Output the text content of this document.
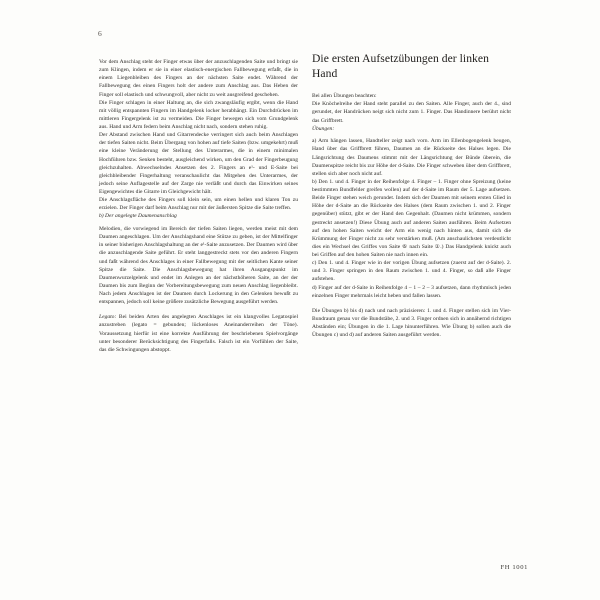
6

Vor dem Anschlag steht der Finger etwas über der anzuschlagenden Saite und bringt sie zum Klingen, indem er sie in einer elastisch-energischen Fallbewegung erfaßt, die in einem Liegenbleiben des Fingers an der nächsten Saite endet. Während der Fallbewegung des einen Fingers holt der andere zum Anschlag aus. Das Heben der Finger soll elastisch und schwungvoll, aber nicht zu weit ausgreifend geschehen.

Die Finger schlagen in einer Haltung an, die sich zwangsläufig ergibt, wenn die Hand mit völlig entspannten Fingern im Handgelenk locker herabhängt. Ein Durchdrücken im mittleren Fingergelenk ist zu vermeiden. Die Finger bewegen sich vom Grundgelenk aus. Hand und Arm federn beim Anschlag nicht nach, sondern stehen ruhig.

Der Abstand zwischen Hand und Gitarrendecke verringert sich auch beim Anschlagen der tiefen Saiten nicht. Beim Übergang von hohen auf tiefe Saiten (bzw. umgekehrt) muß eine kleine Veränderung der Stellung des Unterarmes, die in einem minimalen Hochführen bzw. Senken besteht, ausgleichend wirken, um den Grad der Fingerbeugung gleichzuhalten. Abwechselndes Ansetzen des 2. Fingers an e¹- und E-Saite bei gleichbleibender Fingerhaltung veranschaulicht das Mitgehen des Unterarmes, der jedoch seine Auflagestelle auf der Zarge nie verläßt und durch das Einwirken seines Eigengewichtes die Gitarre im Gleichgewicht hält.

Die Anschlagsfläche des Fingers soll klein sein, um einen hellen und klaren Ton zu erzielen. Der Finger darf beim Anschlag nur mit der äußersten Spitze die Saite treffen.

b) Der angelegte Daumenanschlag

Melodien, die vorwiegend im Bereich der tiefen Saiten liegen, werden meist mit dem Daumen angeschlagen. Um der Anschlagshand eine Stütze zu geben, ist der Mittelfinger in seiner bisherigen Anschlagshaltung an der e¹-Saite anzusetzen. Der Daumen wird über die anzuschlagende Saite geführt. Er steht langgestreckt stets vor den anderen Fingern und faßt während des Anschlages in einer Fallbewegung mit der seitlichen Kante seiner Spitze die Saite. Die Anschlagsbewegung hat ihren Ausgangspunkt im Daumenwurzelgelenk und endet im Anlegen an der nächsthöheren Saite, an der der Daumen bis zum Beginn der Vorbereitungsbewegung zum neuen Anschlag liegenbleibt. Nach jedem Anschlagen ist der Daumen durch Lockerung in den Gelenken bewußt zu entspannen, jedoch soll keine größere zusätzliche Bewegung ausgeführt werden.

Legato: Bei beiden Arten des angelegten Anschlages ist ein klangvolles Legatospiel anzustreben (legato = gebunden; lückenloses Aneinanderreihen der Töne). Voraussetzung hierfür ist eine korrekte Ausführung der beschriebenen Spielvorgänge unter besonderer Berücksichtigung des Fingerfalls. Falsch ist ein Vorfühlen der Saite, das die Schwingungen abstoppt.

Die ersten Aufsetzübungen der linken Hand

Bei allen Übungen beachten:

Die Knöchelreihe der Hand steht parallel zu den Saiten. Alle Finger, auch der 4., sind gerundet, der Handrücken neigt sich nicht zum 1. Finger. Das Handinnere berührt nicht das Griffbrett.

Übungen:

a) Arm hängen lassen, Handteller zeigt nach vorn. Arm im Ellenbogengelenk beugen, Hand über das Griffbrett führen, Daumen an die Rückseite des Halses legen. Die Längsrichtung des Daumens stimmt mit der Längsrichtung der Bünde überein, die Daumenspitze reicht bis zur Höhe der d-Saite. Die Finger schweben über dem Griffbrett, stellen sich aber noch nicht auf.

b) Den 1. und 4. Finger in der Reihenfolge 4. Finger – 1. Finger ohne Spreizung (keine bestimmten Bundfelder greifen wollen) auf der d-Saite im Raum der 5. Lage aufsetzen. Beide Finger stehen weich gerundet. Indem sich der Daumen mit seinem ersten Glied in Höhe der d-Saite an die Rückseite des Halses (dem Raum zwischen 1. und 2. Finger gegenüber) stützt, gibt er der Hand den Gegenhalt. (Daumen nicht krümmen, sondern gestreckt ansetzen!) Diese Übung auch auf anderen Saiten ausführen. Beim Aufsetzen auf den hohen Saiten weicht der Arm ein wenig nach hinten aus, damit sich die Krümmung der Finger nicht zu sehr verstärken muß. (Am anschaulichsten verdeutlicht dies ein Wechsel des Griffes von Saite ⑥ nach Saite ①.) Das Handgelenk knickt auch bei Griffen auf den hohen Saiten nie nach innen ein.

c) Den 1. und 4. Finger wie in der vorigen Übung aufsetzen (zuerst auf der d-Saite). 2. und 3. Finger springen in den Raum zwischen 1. und 4. Finger, so daß alle Finger aufstehen.

d) Finger auf der d-Saite in Reihenfolge 4 – 1 – 2 – 3 aufsetzen, dann rhythmisch jeden einzelnen Finger mehrmals leicht heben und fallen lassen.

Die Übungen b) bis d) nach und nach präzisieren: 1. und 4. Finger stellen sich im Vier-Bundraum genau vor die Bundstäbe, 2. und 3. Finger ordnen sich in annähernd richtigen Abständen ein; Übungen in die 1. Lage hinunterführen. Wie Übung b) sollen auch die Übungen c) und d) auf anderen Saiten ausgeführt werden.

FH 1001
